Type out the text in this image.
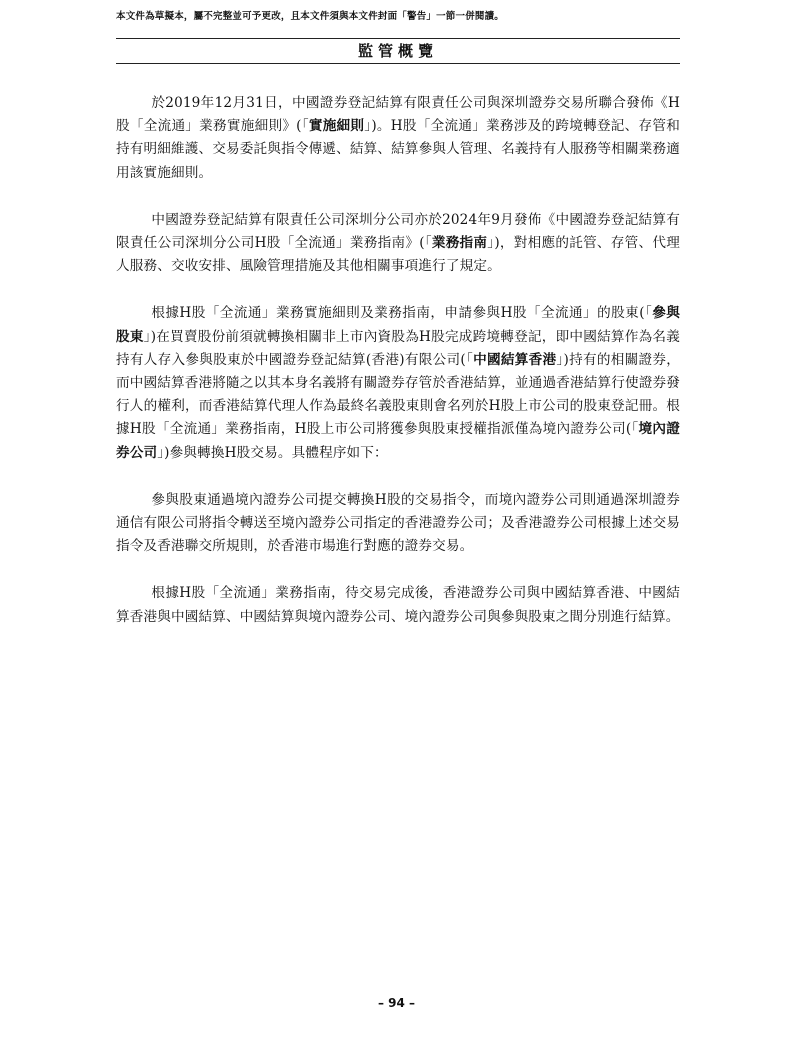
本文件為草擬本，屬不完整並可予更改，且本文件須與本文件封面「警告」一節一併閱讀。
監管概覽

於2019年12月31日，中國證券登記結算有限責任公司與深圳證券交易所聯合發佈《H股「全流通」業務實施細則》(「實施細則」)。H股「全流通」業務涉及的跨境轉登記、存管和持有明細維護、交易委託與指令傳遞、結算、結算參與人管理、名義持有人服務等相關業務適用該實施細則。

中國證券登記結算有限責任公司深圳分公司亦於2024年9月發佈《中國證券登記結算有限責任公司深圳分公司H股「全流通」業務指南》(「業務指南」)，對相應的託管、存管、代理人服務、交收安排、風險管理措施及其他相關事項進行了規定。

根據H股「全流通」業務實施細則及業務指南，申請參與H股「全流通」的股東(「參與股東」)在買賣股份前須就轉換相關非上市內資股為H股完成跨境轉登記，即中國結算作為名義持有人存入參與股東於中國證券登記結算(香港)有限公司(「中國結算香港」)持有的相關證券，而中國結算香港將隨之以其本身名義將有關證券存管於香港結算，並通過香港結算行使證券發行人的權利，而香港結算代理人作為最終名義股東則會名列於H股上市公司的股東登記冊。根據H股「全流通」業務指南，H股上市公司將獲參與股東授權指派僅為境內證券公司(「境內證券公司」)參與轉換H股交易。具體程序如下：

參與股東通過境內證券公司提交轉換H股的交易指令，而境內證券公司則通過深圳證券通信有限公司將指令轉送至境內證券公司指定的香港證券公司；及香港證券公司根據上述交易指令及香港聯交所規則，於香港市場進行對應的證券交易。

根據H股「全流通」業務指南，待交易完成後，香港證券公司與中國結算香港、中國結算香港與中國結算、中國結算與境內證券公司、境內證券公司與參與股東之間分別進行結算。

– 94 –
